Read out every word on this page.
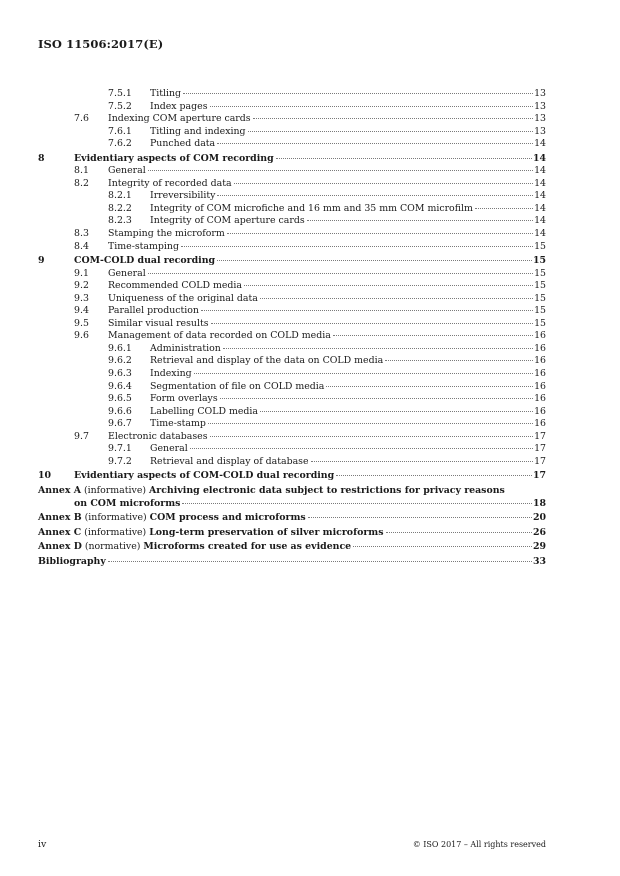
ISO 11506:2017(E)
7.5.1 Titling	13
7.5.2 Index pages	13
7.6 Indexing COM aperture cards	13
7.6.1 Titling and indexing	13
7.6.2 Punched data	14
8	Evidentiary aspects of COM recording	14
8.1 General	14
8.2 Integrity of recorded data	14
8.2.1 Irreversibility	14
8.2.2 Integrity of COM microfiche and 16 mm and 35 mm COM microfilm	14
8.2.3 Integrity of COM aperture cards	14
8.3 Stamping the microform	14
8.4 Time-stamping	15
9	COM-COLD dual recording	15
9.1 General	15
9.2 Recommended COLD media	15
9.3 Uniqueness of the original data	15
9.4 Parallel production	15
9.5 Similar visual results	15
9.6 Management of data recorded on COLD media	16
9.6.1 Administration	16
9.6.2 Retrieval and display of the data on COLD media	16
9.6.3 Indexing	16
9.6.4 Segmentation of file on COLD media	16
9.6.5 Form overlays	16
9.6.6 Labelling COLD media	16
9.6.7 Time-stamp	16
9.7 Electronic databases	17
9.7.1 General	17
9.7.2 Retrieval and display of database	17
10 Evidentiary aspects of COM-COLD dual recording	17
Annex A (informative) Archiving electronic data subject to restrictions for privacy reasons
on COM microforms	18
Annex B (informative) COM process and microforms	20
Annex C (informative) Long-term preservation of silver microforms	26
Annex D (normative) Microforms created for use as evidence	29
Bibliography	33
iv	© ISO 2017 – All rights reserved
